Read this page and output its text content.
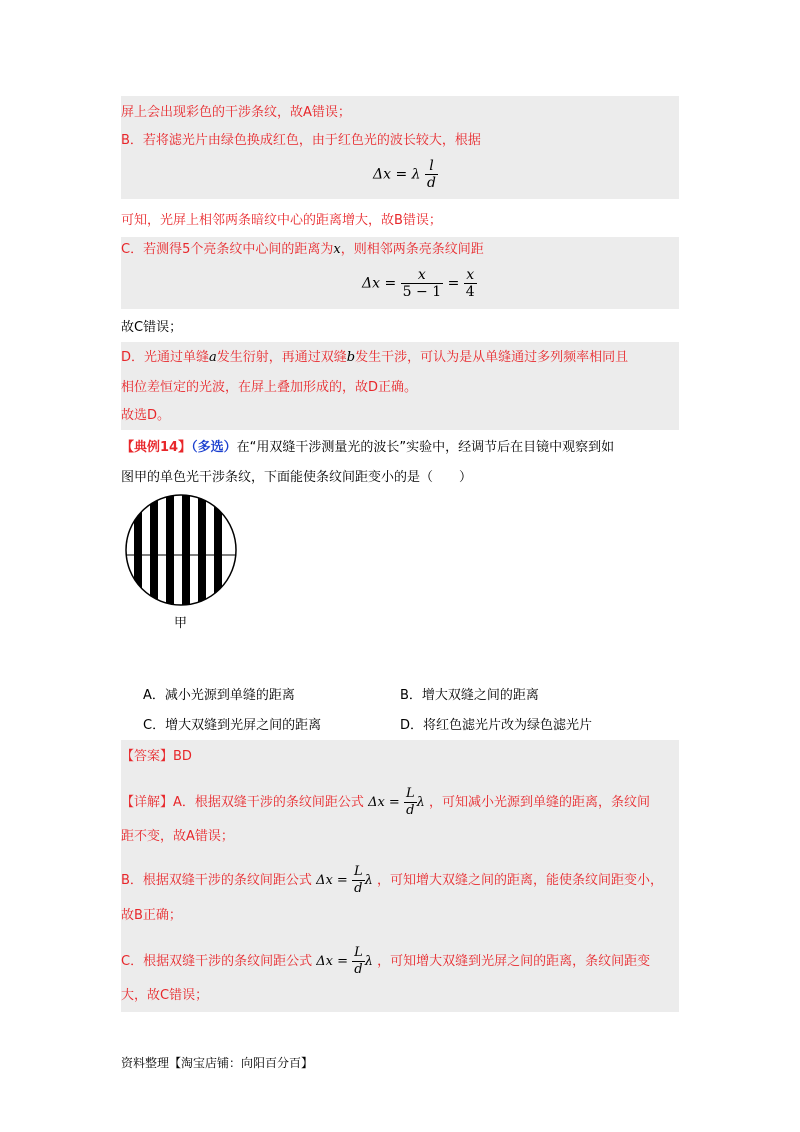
屏上会出现彩色的干涉条纹，故A错误；
B．若将滤光片由绿色换成红色，由于红色光的波长较大，根据
Δx = λ $\frac{l}{d}$
可知，光屏上相邻两条暗纹中心的距离增大，故B错误；
C．若测得5个亮条纹中心间的距离为x，则相邻两条亮条纹间距
$\Delta x = \frac{x}{5 - 1} = \frac{x}{4}$
故C错误；
D．光通过单缝a发生衍射，再通过双缝b发生干涉，可认为是从单缝通过多列频率相同且
相位差恒定的光波，在屏上叠加形成的，故D正确。
故选D。
【典例14】（多选）在“用双缝干涉测量光的波长”实验中，经调节后在目镜中观察到如
图甲的单色光干涉条纹，下面能使条纹间距变小的是（　　）
甲
A．减小光源到单缝的距离	B．增大双缝之间的距离
C．增大双缝到光屏之间的距离	D．将红色滤光片改为绿色滤光片
【答案】BD
【详解】A．根据双缝干涉的条纹间距公式 $\Delta x = \frac{L}{d}$ λ ，可知减小光源到单缝的距离，条纹间
距不变，故A错误；
B．根据双缝干涉的条纹间距公式 $\Delta x = \frac{L}{d}$ λ ，可知增大双缝之间的距离，能使条纹间距变小，
故B正确；
C．根据双缝干涉的条纹间距公式 $\Delta x = \frac{L}{d}$ λ ，可知增大双缝到光屏之间的距离，条纹间距变
大，故C错误；
资料整理【淘宝店铺：向阳百分百】
